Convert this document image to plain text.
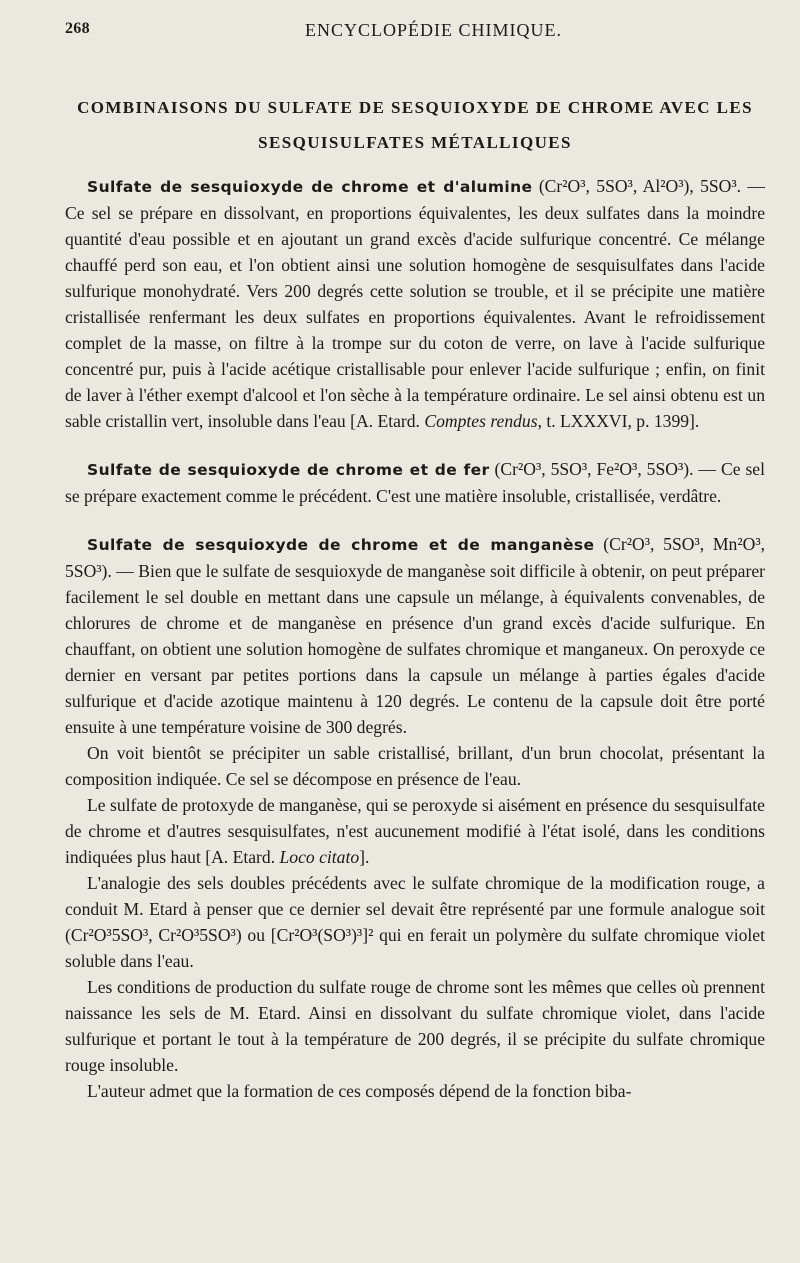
268	ENCYCLOPÉDIE CHIMIQUE.
COMBINAISONS DU SULFATE DE SESQUIOXYDE DE CHROME AVEC LES
SESQUISULFATES MÉTALLIQUES

Sulfate de sesquioxyde de chrome et d'alumine (Cr²O³, 5SO³, Al²O³), 5SO³. — Ce sel se prépare en dissolvant, en proportions équivalentes, les deux sulfates dans la moindre quantité d'eau possible et en ajoutant un grand excès d'acide sulfurique concentré. Ce mélange chauffé perd son eau, et l'on obtient ainsi une solution homogène de sesquisulfates dans l'acide sulfurique monohydraté. Vers 200 degrés cette solution se trouble, et il se précipite une matière cristallisée renfermant les deux sulfates en proportions équivalentes. Avant le refroidissement complet de la masse, on filtre à la trompe sur du coton de verre, on lave à l'acide sulfurique concentré pur, puis à l'acide acétique cristallisable pour enlever l'acide sulfurique ; enfin, on finit de laver à l'éther exempt d'alcool et l'on sèche à la température ordinaire. Le sel ainsi obtenu est un sable cristallin vert, insoluble dans l'eau [A. Etard. Comptes rendus, t. LXXXVI, p. 1399].

Sulfate de sesquioxyde de chrome et de fer (Cr²O³, 5SO³, Fe²O³, 5SO³). — Ce sel se prépare exactement comme le précédent. C'est une matière insoluble, cristallisée, verdâtre.

Sulfate de sesquioxyde de chrome et de manganèse (Cr²O³, 5SO³, Mn²O³, 5SO³). — Bien que le sulfate de sesquioxyde de manganèse soit difficile à obtenir, on peut préparer facilement le sel double en mettant dans une capsule un mélange, à équivalents convenables, de chlorures de chrome et de manganèse en présence d'un grand excès d'acide sulfurique. En chauffant, on obtient une solution homogène de sulfates chromique et manganeux. On peroxyde ce dernier en versant par petites portions dans la capsule un mélange à parties égales d'acide sulfurique et d'acide azotique maintenu à 120 degrés. Le contenu de la capsule doit être porté ensuite à une température voisine de 300 degrés.

On voit bientôt se précipiter un sable cristallisé, brillant, d'un brun chocolat, présentant la composition indiquée. Ce sel se décompose en présence de l'eau.

Le sulfate de protoxyde de manganèse, qui se peroxyde si aisément en présence du sesquisulfate de chrome et d'autres sesquisulfates, n'est aucunement modifié à l'état isolé, dans les conditions indiquées plus haut [A. Etard. Loco citato].

L'analogie des sels doubles précédents avec le sulfate chromique de la modification rouge, a conduit M. Etard à penser que ce dernier sel devait être représenté par une formule analogue soit (Cr²O³5SO³, Cr²O³5SO³) ou [Cr²O³(SO³)³]² qui en ferait un polymère du sulfate chromique violet soluble dans l'eau.

Les conditions de production du sulfate rouge de chrome sont les mêmes que celles où prennent naissance les sels de M. Etard. Ainsi en dissolvant du sulfate chromique violet, dans l'acide sulfurique et portant le tout à la température de 200 degrés, il se précipite du sulfate chromique rouge insoluble.

L'auteur admet que la formation de ces composés dépend de la fonction biba-
